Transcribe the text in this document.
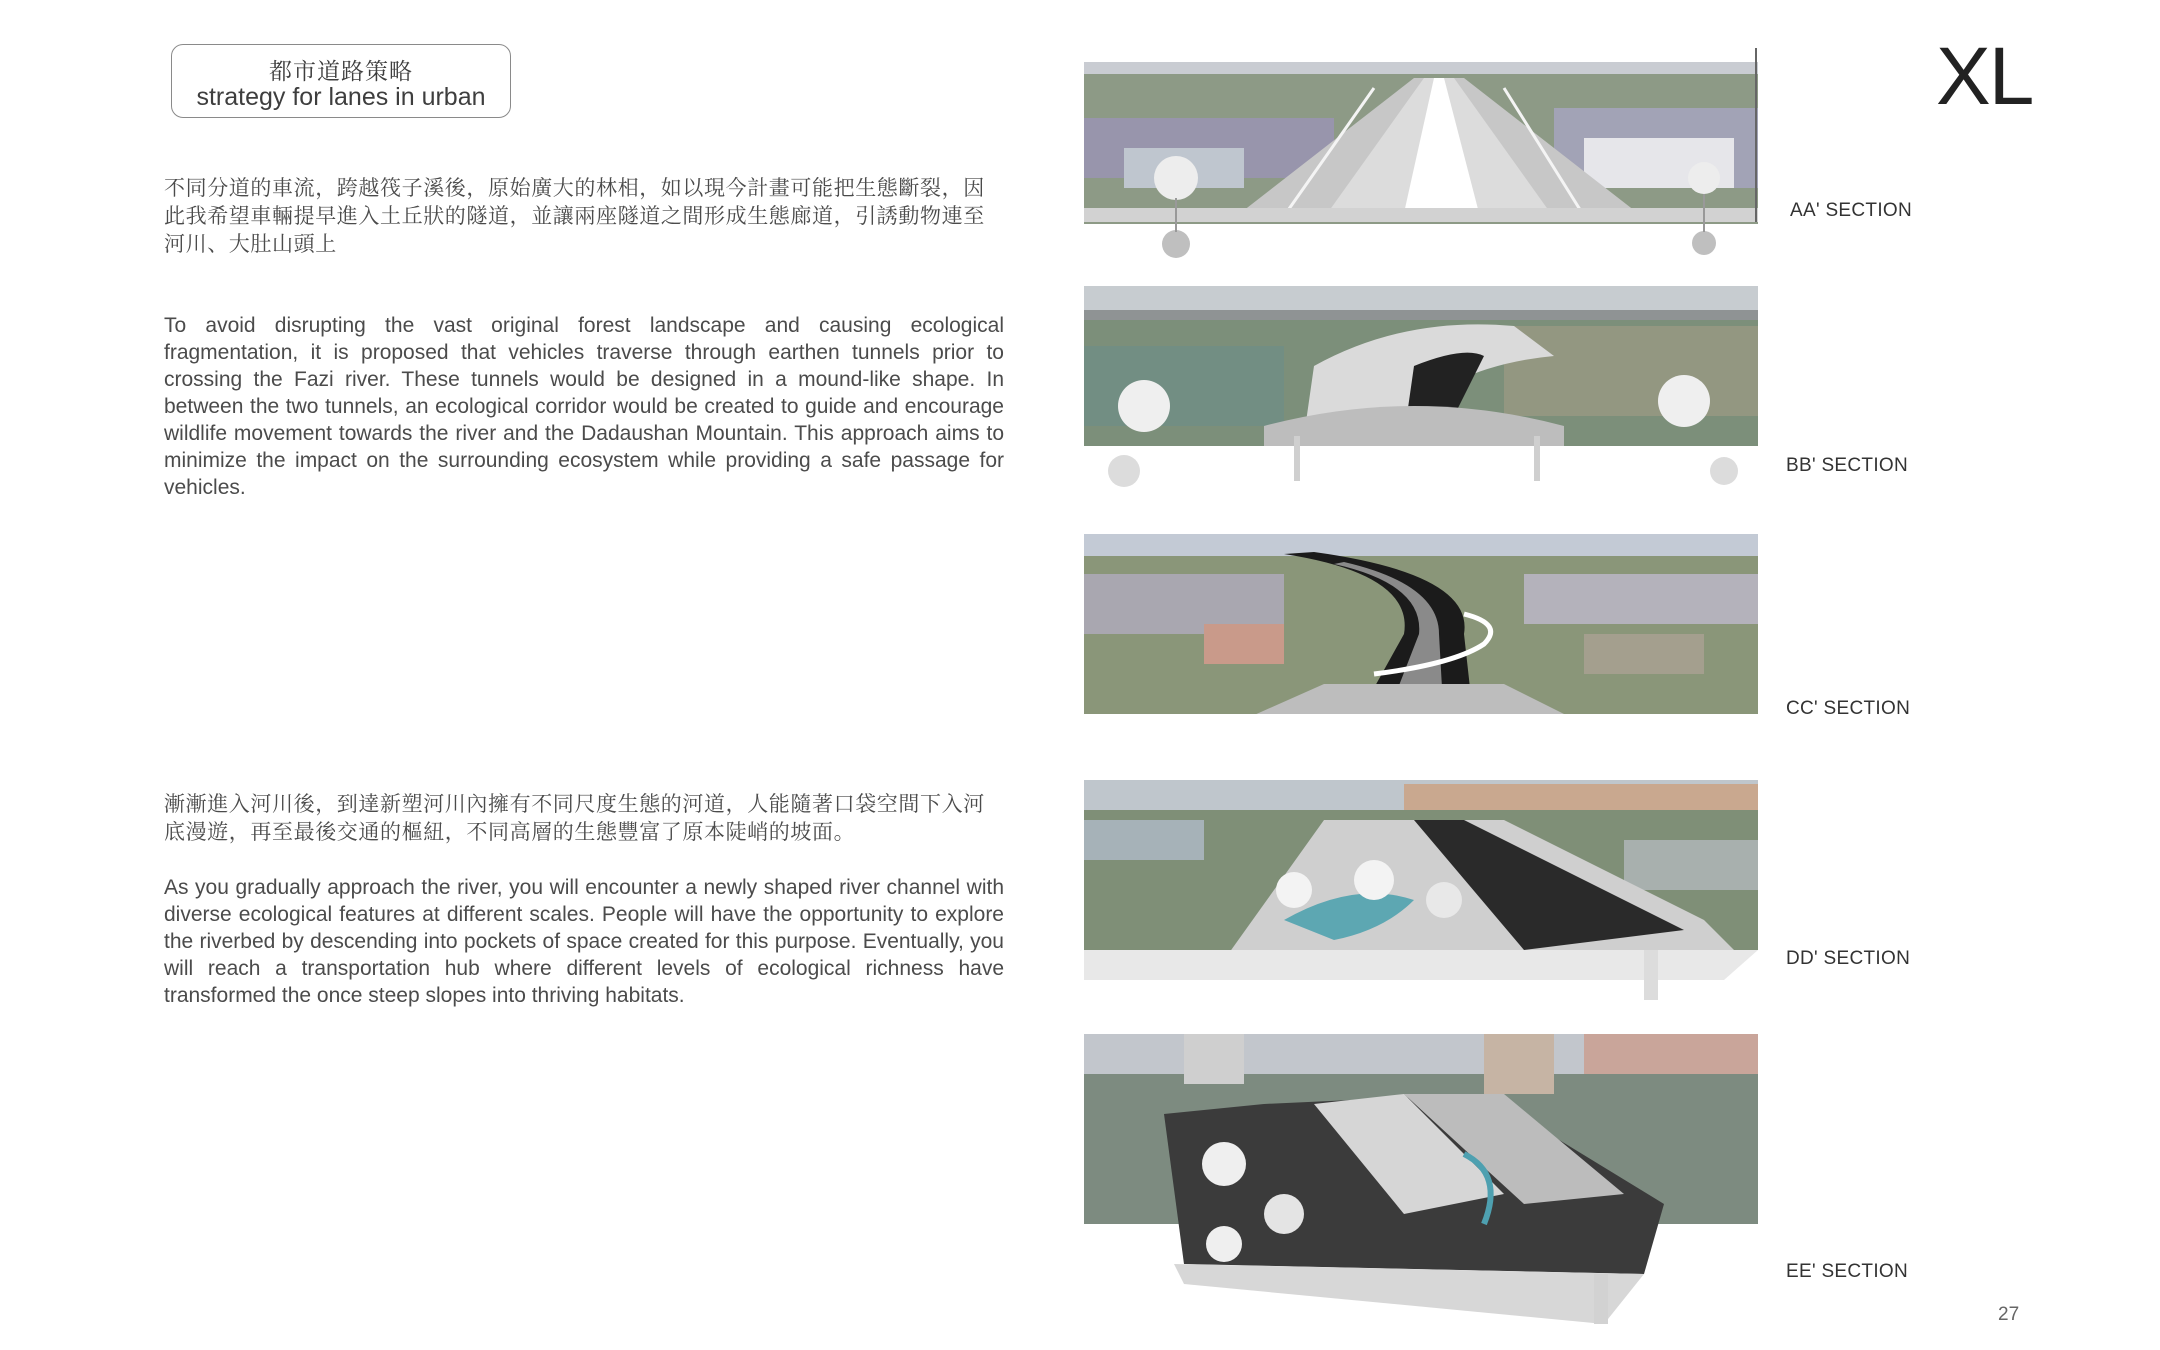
都市道路策略
strategy for lanes in urban

不同分道的車流，跨越筏子溪後，原始廣大的林相，如以現今計畫可能把生態斷裂，因此我希望車輛提早進入土丘狀的隧道，並讓兩座隧道之間形成生態廊道，引誘動物連至河川、大肚山頭上

To avoid disrupting the vast original forest landscape and causing ecological fragmentation, it is proposed that vehicles traverse through earthen tunnels prior to crossing the Fazi river. These tunnels would be designed in a mound-like shape. In between the two tunnels, an ecological corridor would be created to guide and encourage wildlife movement towards the river and the Dadaushan Mountain. This approach aims to minimize the impact on the surrounding ecosystem while providing a safe passage for vehicles.

漸漸進入河川後，到達新塑河川內擁有不同尺度生態的河道，人能隨著口袋空間下入河底漫遊，再至最後交通的樞紐，不同高層的生態豐富了原本陡峭的坡面。

As you gradually approach the river, you will encounter a newly shaped river channel with diverse ecological features at different scales. People will have the opportunity to explore the riverbed by descending into pockets of space created for this purpose. Eventually, you will reach a transportation hub where different levels of ecological richness have transformed the once steep slopes into thriving habitats.

XL
AA' SECTION
BB' SECTION
CC' SECTION
DD' SECTION
EE' SECTION
27
